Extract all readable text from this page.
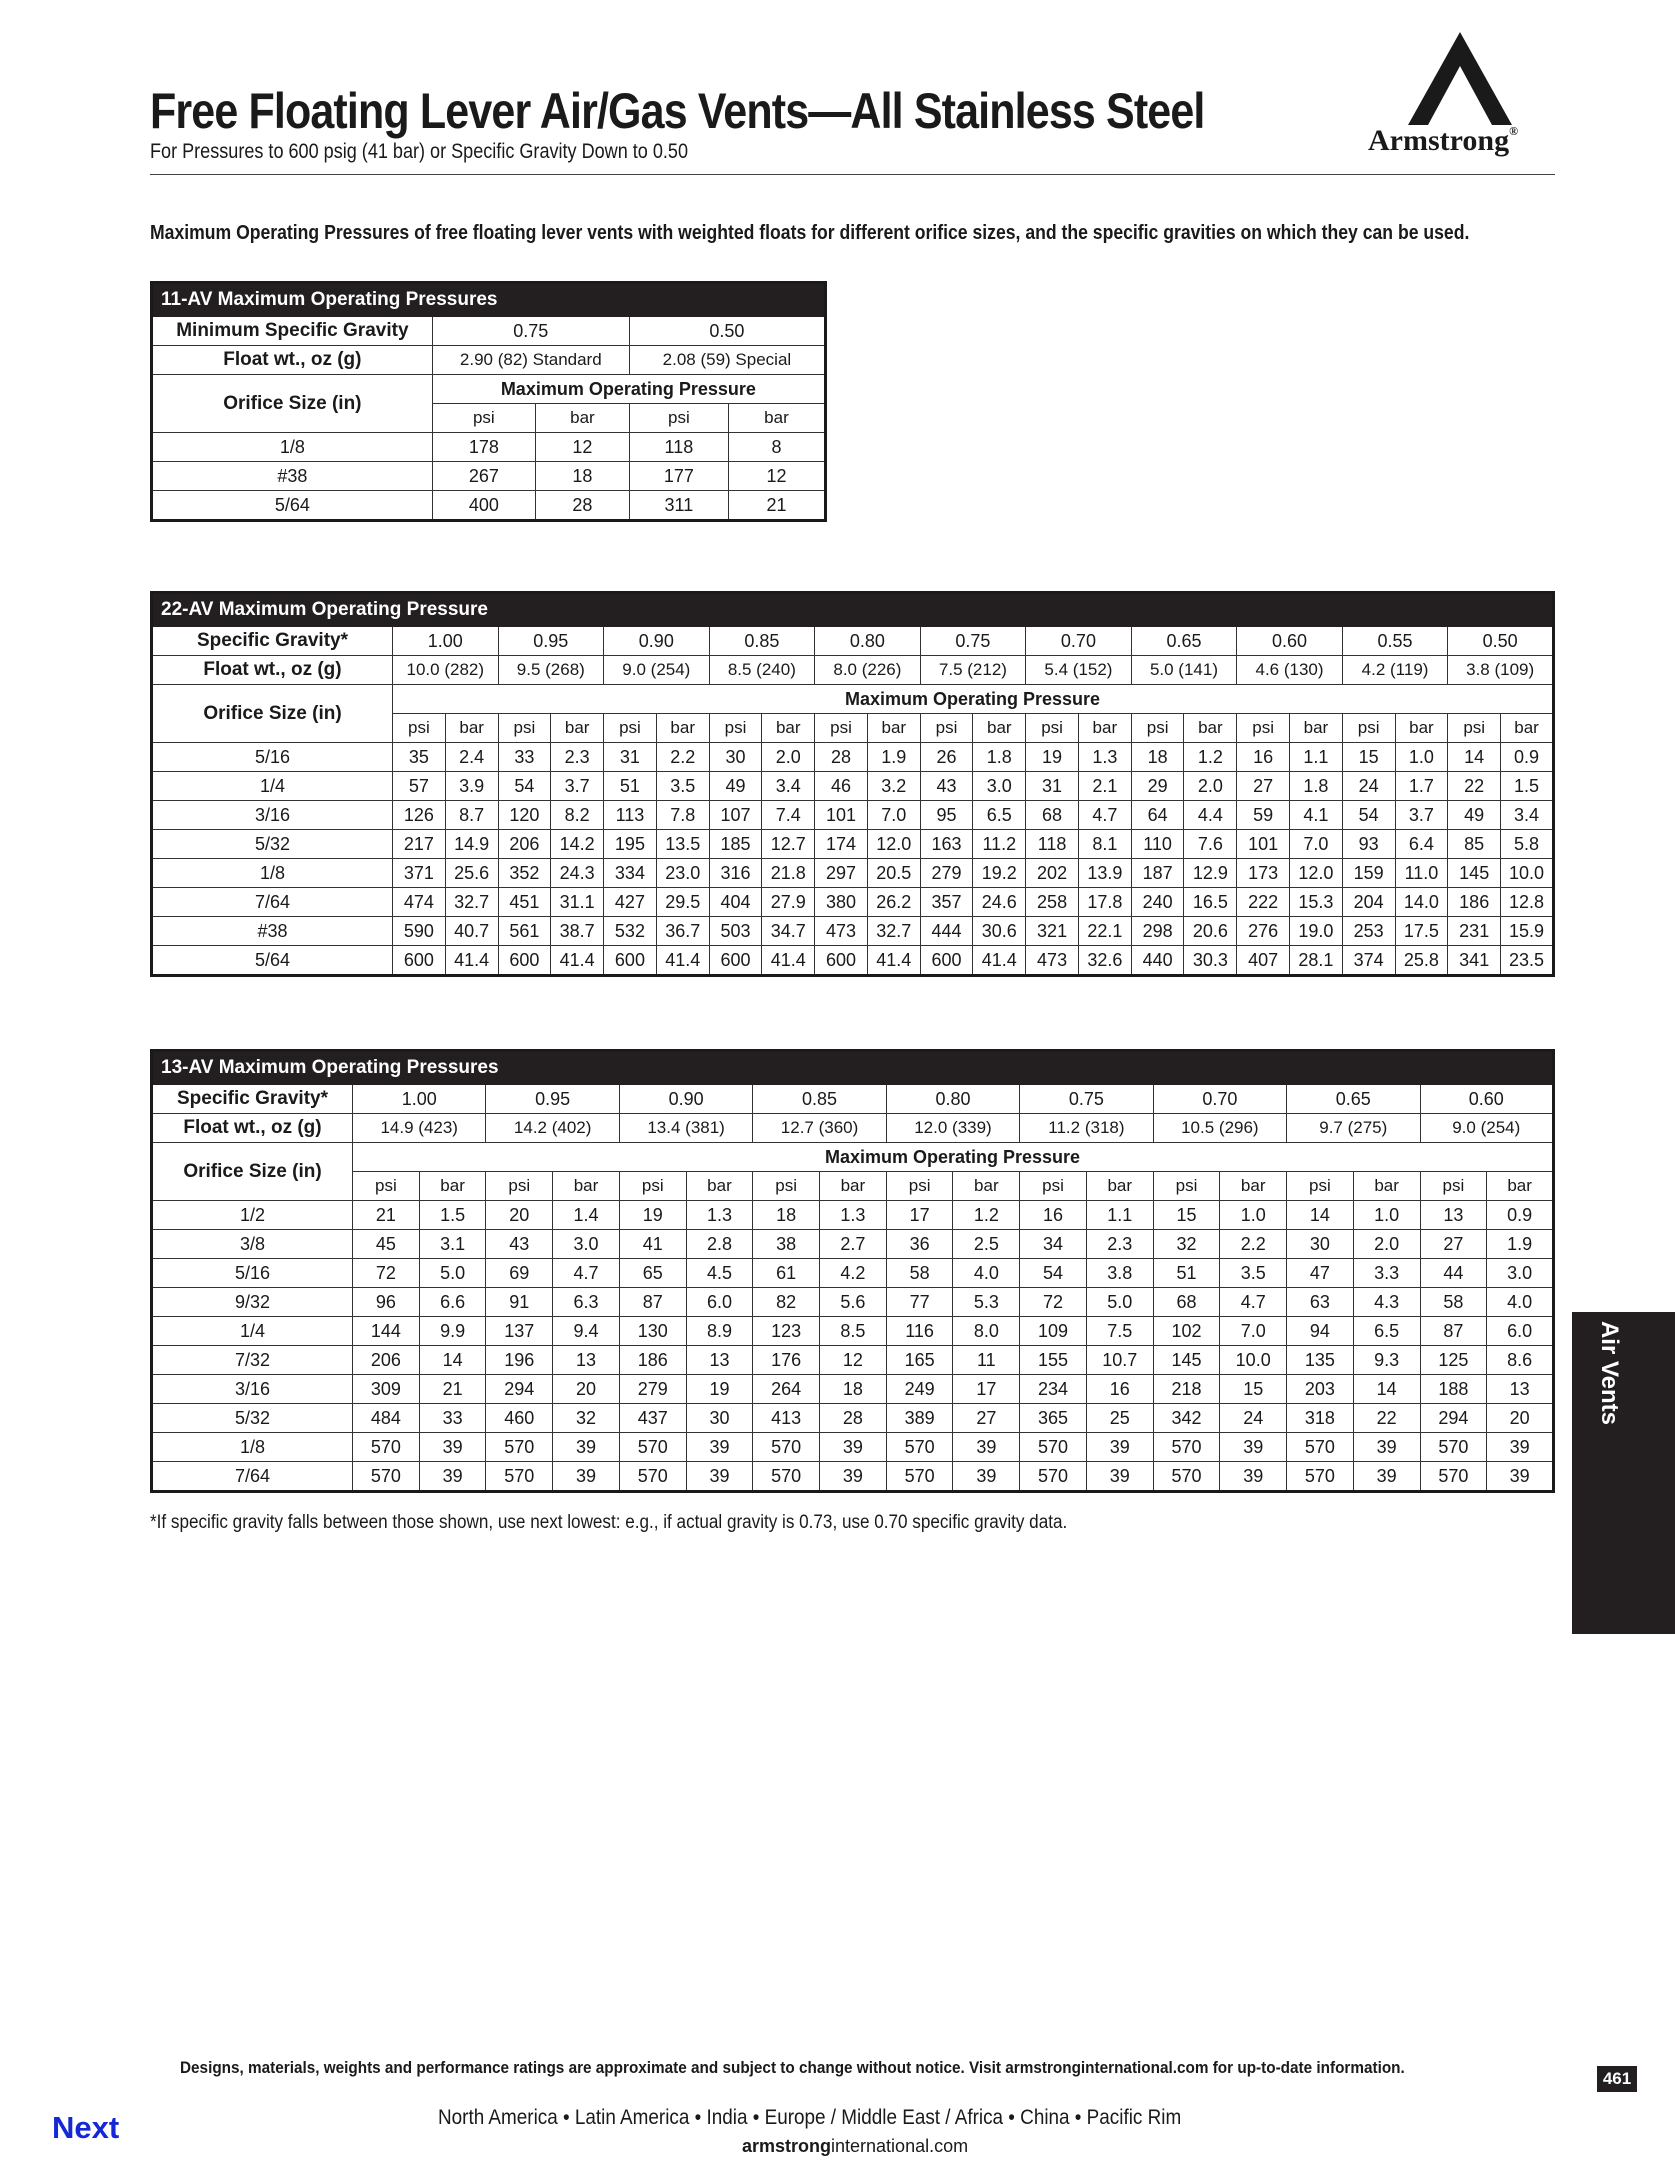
Free Floating Lever Air/Gas Vents—All Stainless Steel
For Pressures to 600 psig (41 bar) or Specific Gravity Down to 0.50	Armstrong®
Maximum Operating Pressures of free floating lever vents with weighted floats for different orifice sizes, and the specific gravities on which they can be used.
11-AV Maximum Operating Pressures				
Minimum Specific Gravity	0.75		0.50	
Float wt., oz (g)	2.90 (82) Standard		2.08 (59) Special	
Orifice Size (in)	Maximum Operating Pressure			
	psi	bar	psi	bar
1/8	178	12	118	8
#38	267	18	177	12
5/64	400	28	311	21
22-AV Maximum Operating Pressure																						
Specific Gravity*	1.00		0.95		0.90		0.85		0.80		0.75		0.70		0.65		0.60		0.55		0.50	
Float wt., oz (g)	10.0 (282)		9.5 (268)		9.0 (254)		8.5 (240)		8.0 (226)		7.5 (212)		5.4 (152)		5.0 (141)		4.6 (130)		4.2 (119)		3.8 (109)	
Orifice Size (in)	Maximum Operating Pressure																					
	psi	bar	psi	bar	psi	bar	psi	bar	psi	bar	psi	bar	psi	bar	psi	bar	psi	bar	psi	bar	psi	bar
5/16	35	2.4	33	2.3	31	2.2	30	2.0	28	1.9	26	1.8	19	1.3	18	1.2	16	1.1	15	1.0	14	0.9
1/4	57	3.9	54	3.7	51	3.5	49	3.4	46	3.2	43	3.0	31	2.1	29	2.0	27	1.8	24	1.7	22	1.5
3/16	126	8.7	120	8.2	113	7.8	107	7.4	101	7.0	95	6.5	68	4.7	64	4.4	59	4.1	54	3.7	49	3.4
5/32	217	14.9	206	14.2	195	13.5	185	12.7	174	12.0	163	11.2	118	8.1	110	7.6	101	7.0	93	6.4	85	5.8
1/8	371	25.6	352	24.3	334	23.0	316	21.8	297	20.5	279	19.2	202	13.9	187	12.9	173	12.0	159	11.0	145	10.0
7/64	474	32.7	451	31.1	427	29.5	404	27.9	380	26.2	357	24.6	258	17.8	240	16.5	222	15.3	204	14.0	186	12.8
#38	590	40.7	561	38.7	532	36.7	503	34.7	473	32.7	444	30.6	321	22.1	298	20.6	276	19.0	253	17.5	231	15.9
5/64	600	41.4	600	41.4	600	41.4	600	41.4	600	41.4	600	41.4	473	32.6	440	30.3	407	28.1	374	25.8	341	23.5
13-AV Maximum Operating Pressures																		
Specific Gravity*	1.00		0.95		0.90		0.85		0.80		0.75		0.70		0.65		0.60	
Float wt., oz (g)	14.9 (423)		14.2 (402)		13.4 (381)		12.7 (360)		12.0 (339)		11.2 (318)		10.5 (296)		9.7 (275)		9.0 (254)	
Orifice Size (in)	Maximum Operating Pressure																	
	psi	bar	psi	bar	psi	bar	psi	bar	psi	bar	psi	bar	psi	bar	psi	bar	psi	bar
1/2	21	1.5	20	1.4	19	1.3	18	1.3	17	1.2	16	1.1	15	1.0	14	1.0	13	0.9
3/8	45	3.1	43	3.0	41	2.8	38	2.7	36	2.5	34	2.3	32	2.2	30	2.0	27	1.9
5/16	72	5.0	69	4.7	65	4.5	61	4.2	58	4.0	54	3.8	51	3.5	47	3.3	44	3.0
9/32	96	6.6	91	6.3	87	6.0	82	5.6	77	5.3	72	5.0	68	4.7	63	4.3	58	4.0
1/4	144	9.9	137	9.4	130	8.9	123	8.5	116	8.0	109	7.5	102	7.0	94	6.5	87	6.0
7/32	206	14	196	13	186	13	176	12	165	11	155	10.7	145	10.0	135	9.3	125	8.6
3/16	309	21	294	20	279	19	264	18	249	17	234	16	218	15	203	14	188	13
5/32	484	33	460	32	437	30	413	28	389	27	365	25	342	24	318	22	294	20
1/8	570	39	570	39	570	39	570	39	570	39	570	39	570	39	570	39	570	39
7/64	570	39	570	39	570	39	570	39	570	39	570	39	570	39	570	39	570	39
*If specific gravity falls between those shown, use next lowest: e.g., if actual gravity is 0.73, use 0.70 specific gravity data.
Air Vents
Designs, materials, weights and performance ratings are approximate and subject to change without notice. Visit armstronginternational.com for up-to-date information.
461
Next	North America • Latin America • India • Europe / Middle East / Africa • China • Pacific Rim
armstronginternational.com
